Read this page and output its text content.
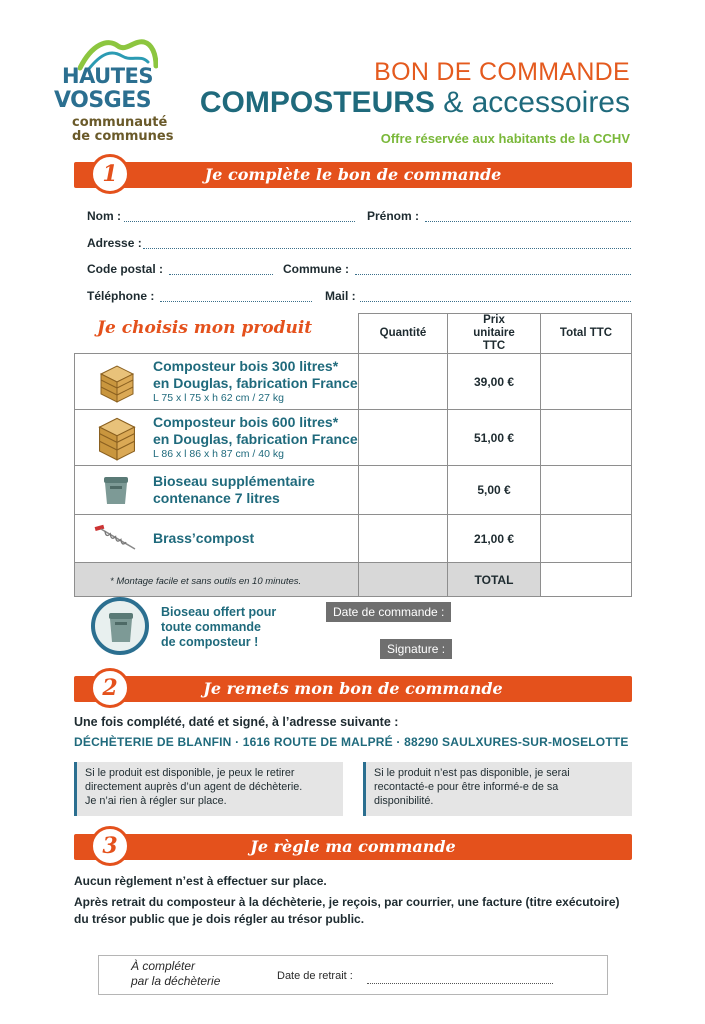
HAUTES
VOSGES
communauté
de communes
BON DE COMMANDE
COMPOSTEURS & accessoires
Offre réservée aux habitants de la CCHV
1	Je complète le bon de commande
Nom :	Prénom :
Adresse :
Code postal :	Commune :
Téléphone :	Mail :
	Quantité	Prix unitaire TTC	Total TTC

Composteur bois 300 litres*
en Douglas, fabrication France
L 75 x l 75 x h 62 cm / 27 kg		39,00 €	

Composteur bois 600 litres*
en Douglas, fabrication France
L 86 x l 86 x h 87 cm / 40 kg		51,00 €	

Bioseau supplémentaire
contenance 7 litres		5,00 €	

Brass’compost		21,00 €	
* Montage facile et sans outils en 10 minutes.		TOTAL	
Je choisis mon produit
Bioseau offert pour
toute commande
de composteur !
Date de commande :
Signature :
2	Je remets mon bon de commande
Une fois complété, daté et signé, à l’adresse suivante :
DÉCHÈTERIE DE BLANFIN · 1616 ROUTE DE MALPRÉ · 88290 SAULXURES-SUR-MOSELOTTE
Si le produit est disponible, je peux le retirer
directement auprès d’un agent de déchèterie.
Je n’ai rien à régler sur place.
Si le produit n’est pas disponible, je serai
recontacté-e pour être informé-e de sa
disponibilité.
3	Je règle ma commande
Aucun règlement n’est à effectuer sur place.
Après retrait du composteur à la déchèterie, je reçois, par courrier, une facture (titre exécutoire)
du trésor public que je dois régler au trésor public.
À compléter
par la déchèterie	Date de retrait :
